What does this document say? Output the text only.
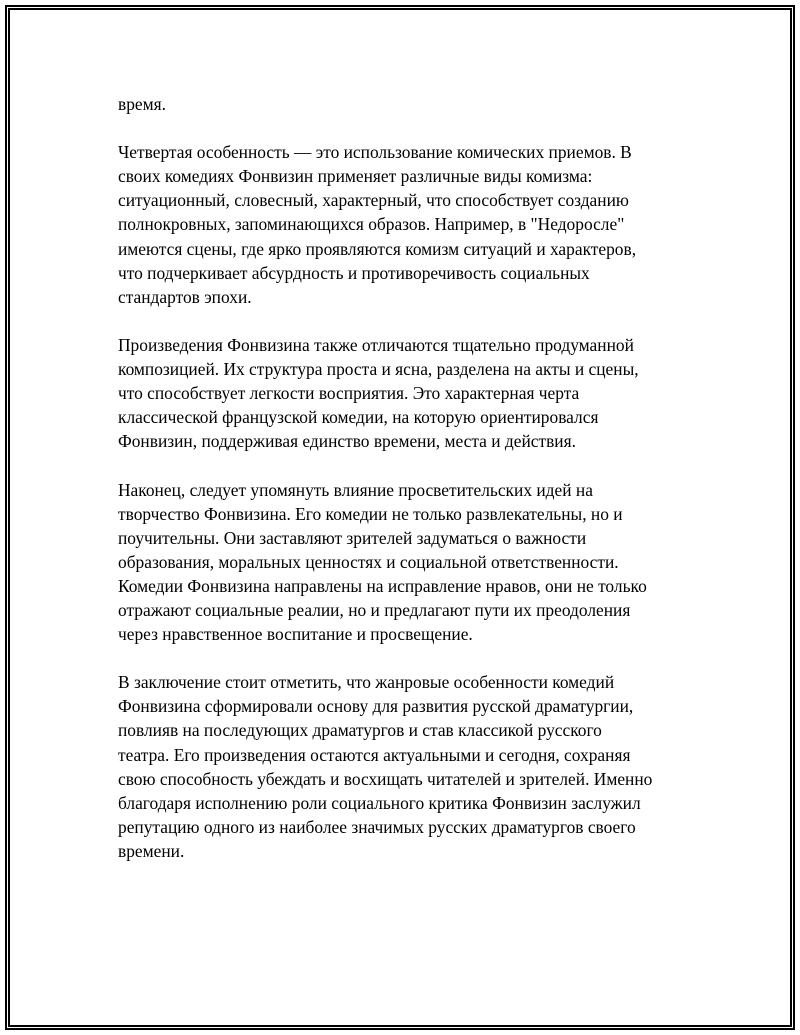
время.

Четвертая особенность — это использование комических приемов. В
своих комедиях Фонвизин применяет различные виды комизма:
ситуационный, словесный, характерный, что способствует созданию
полнокровных, запоминающихся образов. Например, в "Недоросле"
имеются сцены, где ярко проявляются комизм ситуаций и характеров,
что подчеркивает абсурдность и противоречивость социальных
стандартов эпохи.

Произведения Фонвизина также отличаются тщательно продуманной
композицией. Их структура проста и ясна, разделена на акты и сцены,
что способствует легкости восприятия. Это характерная черта
классической французской комедии, на которую ориентировался
Фонвизин, поддерживая единство времени, места и действия.

Наконец, следует упомянуть влияние просветительских идей на
творчество Фонвизина. Его комедии не только развлекательны, но и
поучительны. Они заставляют зрителей задуматься о важности
образования, моральных ценностях и социальной ответственности.
Комедии Фонвизина направлены на исправление нравов, они не только
отражают социальные реалии, но и предлагают пути их преодоления
через нравственное воспитание и просвещение.

В заключение стоит отметить, что жанровые особенности комедий
Фонвизина сформировали основу для развития русской драматургии,
повлияв на последующих драматургов и став классикой русского
театра. Его произведения остаются актуальными и сегодня, сохраняя
свою способность убеждать и восхищать читателей и зрителей. Именно
благодаря исполнению роли социального критика Фонвизин заслужил
репутацию одного из наиболее значимых русских драматургов своего
времени.
